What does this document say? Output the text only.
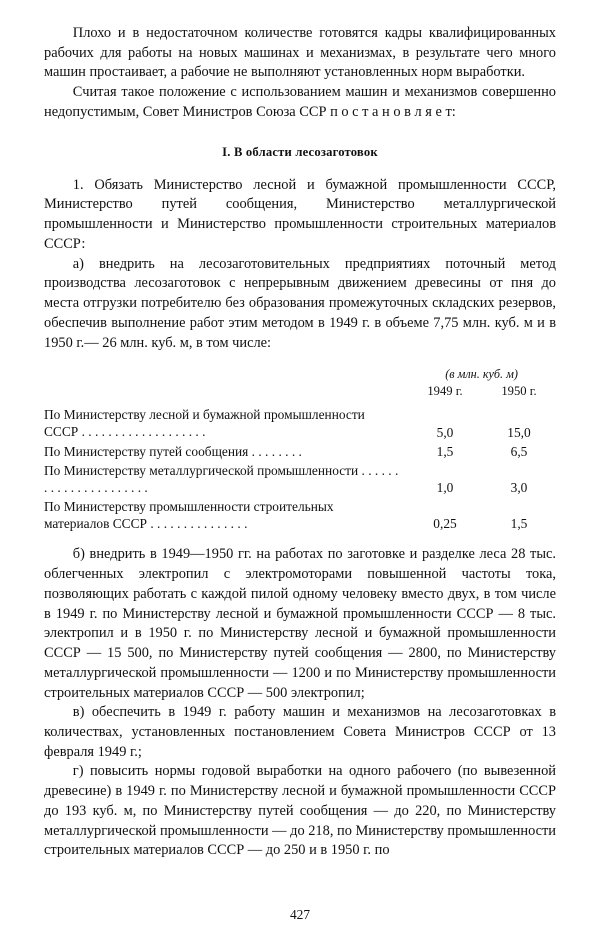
Плохо и в недостаточном количестве готовятся кадры квалифицированных рабочих для работы на новых машинах и механизмах, в результате чего много машин простаивает, а рабочие не выполняют установленных норм выработки.

Считая такое положение с использованием машин и механизмов совершенно недопустимым, Совет Министров Союза ССР п о с т а н о в л я е т:

I. В области лесозаготовок

1. Обязать Министерство лесной и бумажной промышленности СССР, Министерство путей сообщения, Министерство металлургической промышленности и Министерство промышленности строительных материалов СССР:

а) внедрить на лесозаготовительных предприятиях поточный метод производства лесозаготовок с непрерывным движением древесины от пня до места отгрузки потребителю без образования промежуточных складских резервов, обеспечив выполнение работ этим методом в 1949 г. в объеме 7,75 млн. куб. м и в 1950 г.— 26 млн. куб. м, в том числе:

(в млн. куб. м)
	1949 г.	1950 г.
По Министерству лесной и бумажной промышленности СССР . . . . . . . . . . . . . . . . . . .	5,0	15,0
По Министерству путей сообщения . . . . . . . .	1,5	6,5
По Министерству металлургической промышленности . . . . . . . . . . . . . . . . . . . . . .	1,0	3,0
По Министерству промышленности строительных материалов СССР . . . . . . . . . . . . . . .	0,25	1,5

б) внедрить в 1949—1950 гг. на работах по заготовке и разделке леса 28 тыс. облегченных электропил с электромоторами повышенной частоты тока, позволяющих работать с каждой пилой одному человеку вместо двух, в том числе в 1949 г. по Министерству лесной и бумажной промышленности СССР — 8 тыс. электропил и в 1950 г. по Министерству лесной и бумажной промышленности СССР — 15 500, по Министерству путей сообщения — 2800, по Министерству металлургической промышленности — 1200 и по Министерству промышленности строительных материалов СССР — 500 электропил;

в) обеспечить в 1949 г. работу машин и механизмов на лесозаготовках в количествах, установленных постановлением Совета Министров СССР от 13 февраля 1949 г.;

г) повысить нормы годовой выработки на одного рабочего (по вывезенной древесине) в 1949 г. по Министерству лесной и бумажной промышленности СССР до 193 куб. м, по Министерству путей сообщения — до 220, по Министерству металлургической промышленности — до 218, по Министерству промышленности строительных материалов СССР — до 250 и в 1950 г. по

427
